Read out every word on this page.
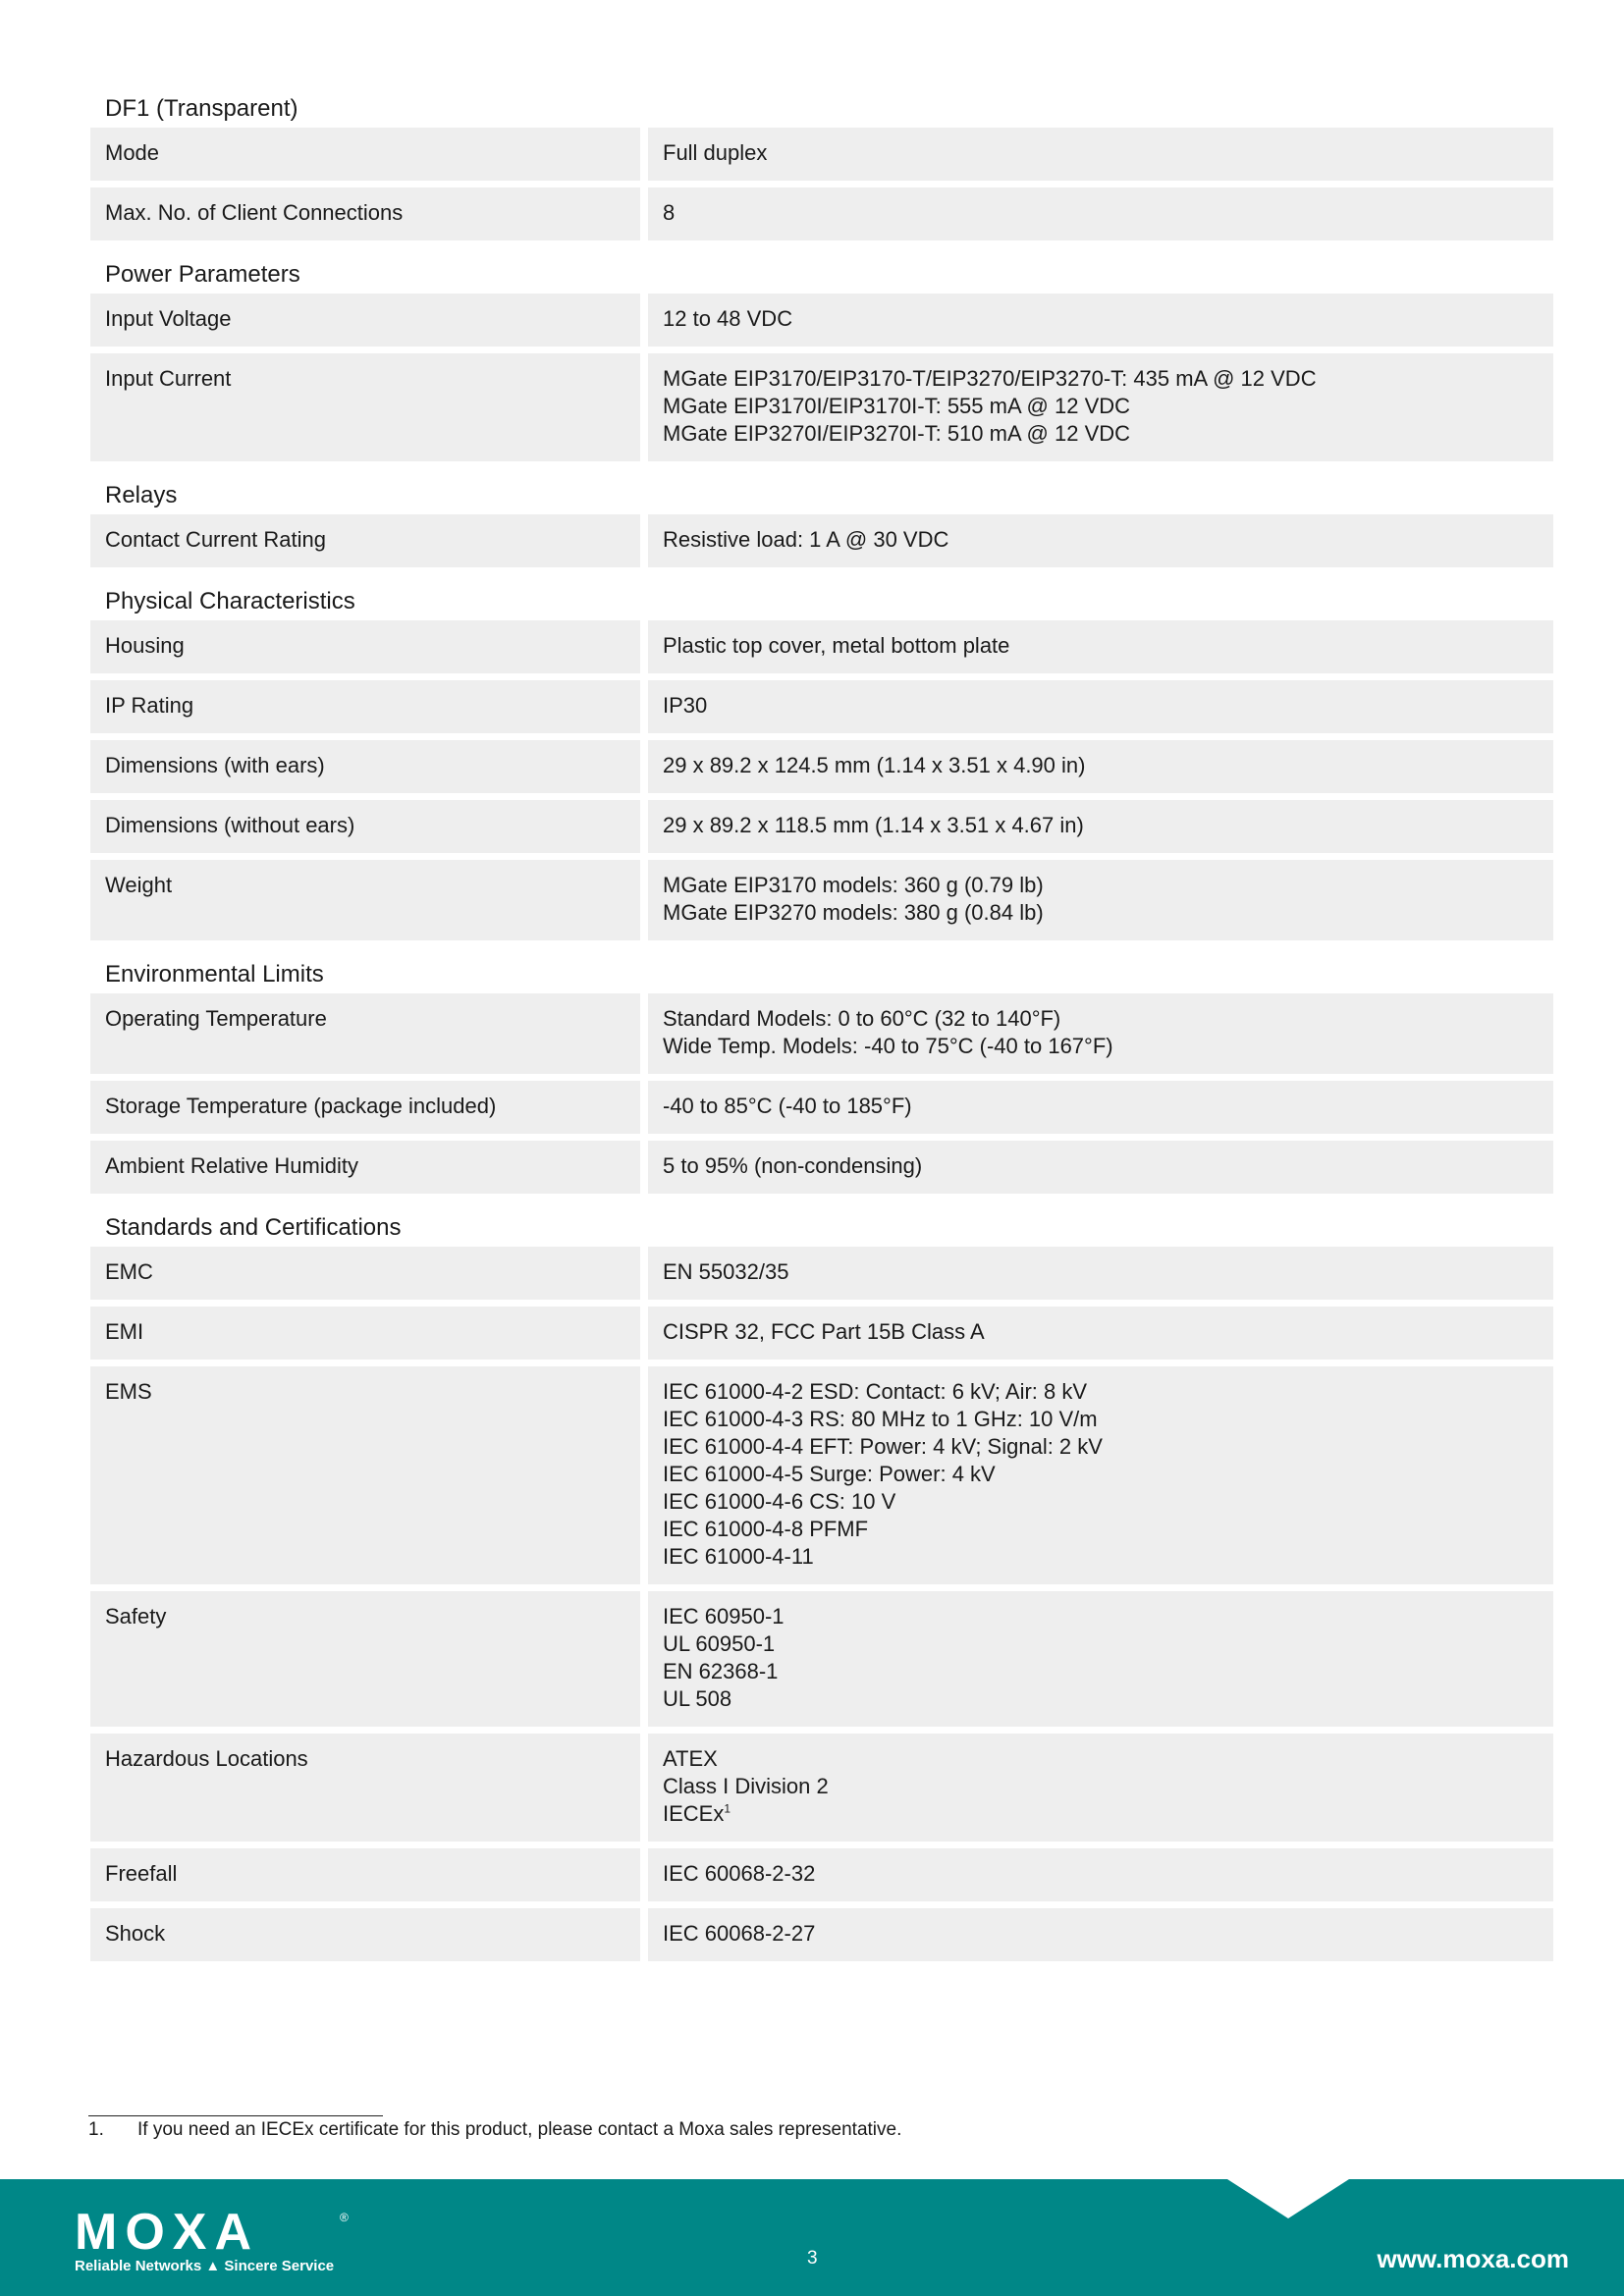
DF1 (Transparent)
Mode	Full duplex
Max. No. of Client Connections	8
Power Parameters
Input Voltage	12 to 48 VDC
Input Current	MGate EIP3170/EIP3170-T/EIP3270/EIP3270-T: 435 mA @ 12 VDC
MGate EIP3170I/EIP3170I-T: 555 mA @ 12 VDC
MGate EIP3270I/EIP3270I-T: 510 mA @ 12 VDC
Relays
Contact Current Rating	Resistive load: 1 A @ 30 VDC
Physical Characteristics
Housing	Plastic top cover, metal bottom plate
IP Rating	IP30
Dimensions (with ears)	29 x 89.2 x 124.5 mm (1.14 x 3.51 x 4.90 in)
Dimensions (without ears)	29 x 89.2 x 118.5 mm (1.14 x 3.51 x 4.67 in)
Weight	MGate EIP3170 models: 360 g (0.79 lb)
MGate EIP3270 models: 380 g (0.84 lb)
Environmental Limits
Operating Temperature	Standard Models: 0 to 60°C (32 to 140°F)
Wide Temp. Models: -40 to 75°C (-40 to 167°F)
Storage Temperature (package included)	-40 to 85°C (-40 to 185°F)
Ambient Relative Humidity	5 to 95% (non-condensing)
Standards and Certifications
EMC	EN 55032/35
EMI	CISPR 32, FCC Part 15B Class A
EMS	IEC 61000-4-2 ESD: Contact: 6 kV; Air: 8 kV
IEC 61000-4-3 RS: 80 MHz to 1 GHz: 10 V/m
IEC 61000-4-4 EFT: Power: 4 kV; Signal: 2 kV
IEC 61000-4-5 Surge: Power: 4 kV
IEC 61000-4-6 CS: 10 V
IEC 61000-4-8 PFMF
IEC 61000-4-11
Safety	IEC 60950-1
UL 60950-1
EN 62368-1
UL 508
Hazardous Locations	ATEX
Class I Division 2
IECEx$^1$
Freefall	IEC 60068-2-32
Shock	IEC 60068-2-27
1. If you need an IECEx certificate for this product, please contact a Moxa sales representative.
MOXA	®
Reliable Networks ▲ Sincere Service	3	www.moxa.com
